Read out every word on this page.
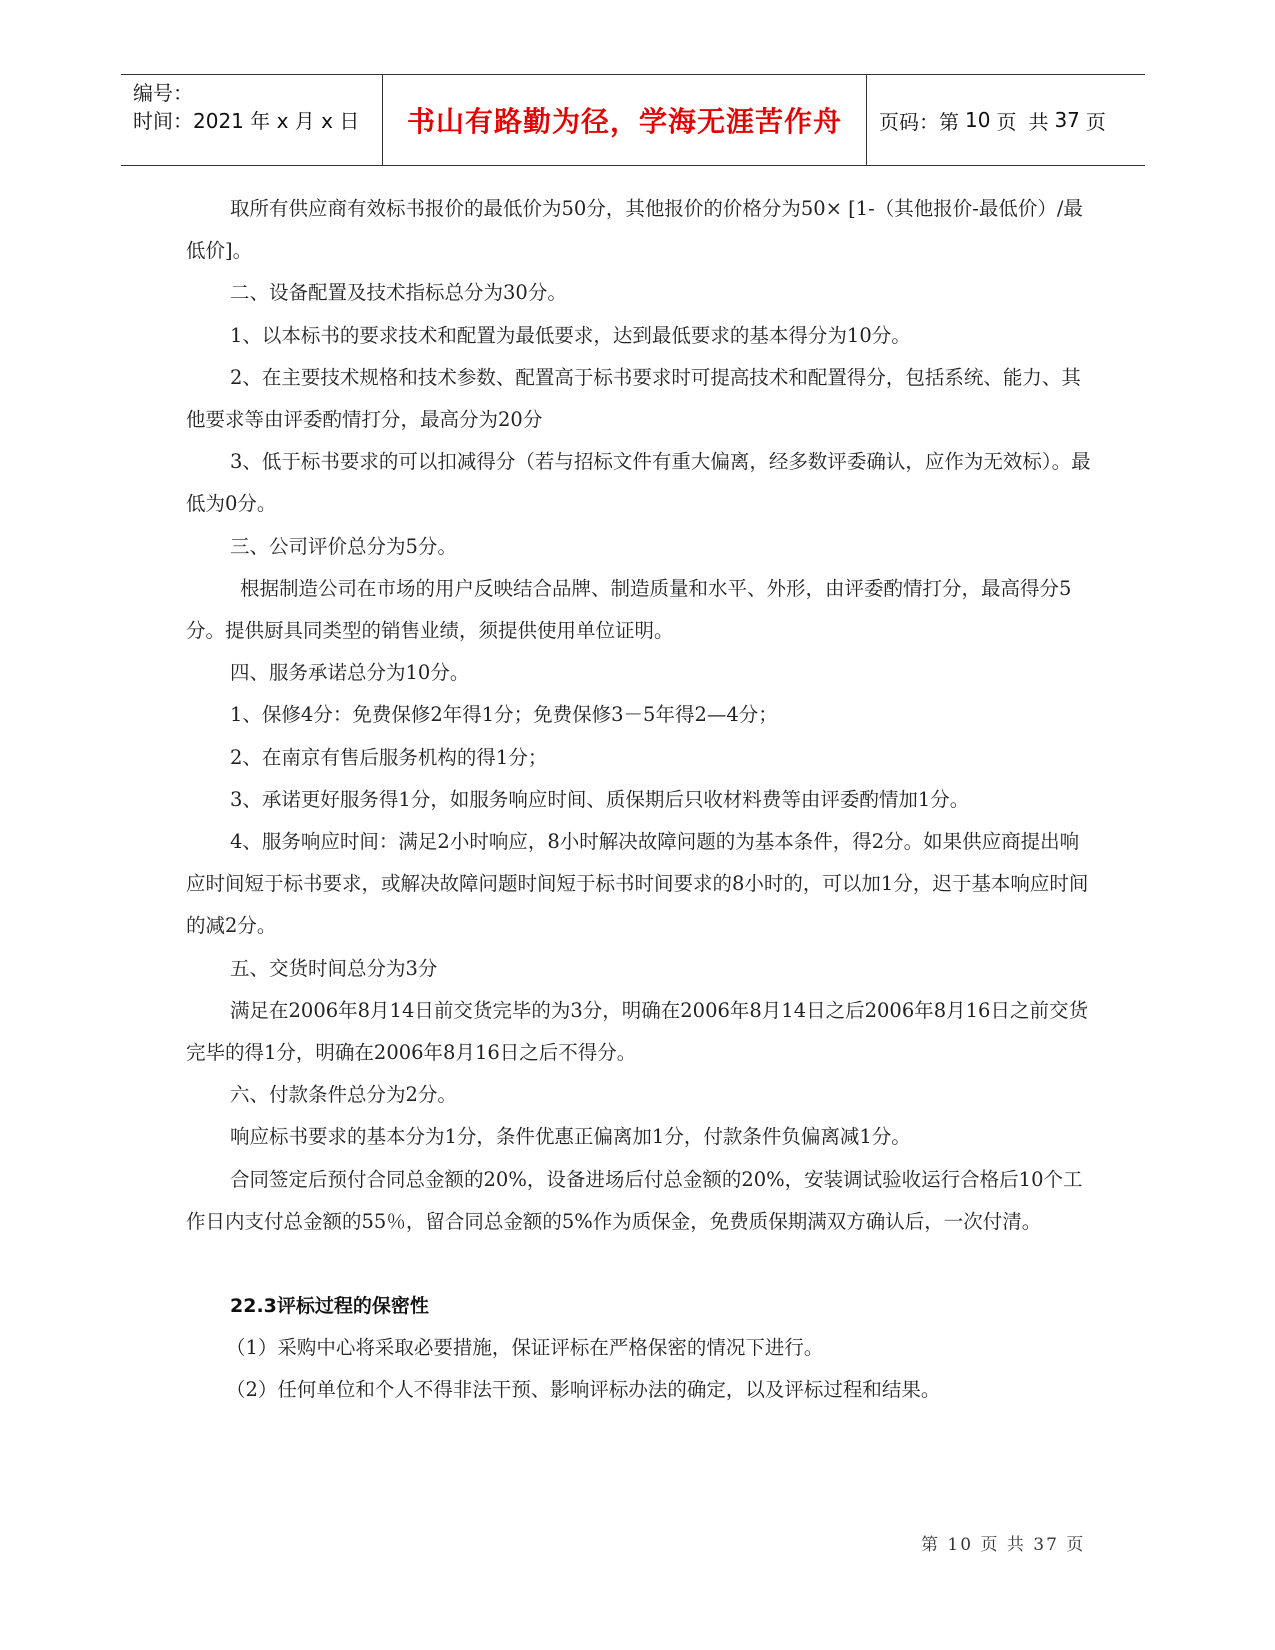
编号：
时间：2021 年 x 月 x 日	书山有路勤为径，学海无涯苦作舟	页码：第 10 页 共 37 页

取所有供应商有效标书报价的最低价为50分，其他报价的价格分为50× [1-（其他报价-最低价）/最低价]。

二、设备配置及技术指标总分为30分。

1、以本标书的要求技术和配置为最低要求，达到最低要求的基本得分为10分。

2、在主要技术规格和技术参数、配置高于标书要求时可提高技术和配置得分，包括系统、能力、其他要求等由评委酌情打分，最高分为20分

3、低于标书要求的可以扣减得分（若与招标文件有重大偏离，经多数评委确认，应作为无效标）。最低为0分。

三、公司评价总分为5分。

根据制造公司在市场的用户反映结合品牌、制造质量和水平、外形，由评委酌情打分，最高得分5分。提供厨具同类型的销售业绩，须提供使用单位证明。

四、服务承诺总分为10分。

1、保修4分：免费保修2年得1分；免费保修3－5年得2—4分；

2、在南京有售后服务机构的得1分；

3、承诺更好服务得1分，如服务响应时间、质保期后只收材料费等由评委酌情加1分。

4、服务响应时间：满足2小时响应，8小时解决故障问题的为基本条件，得2分。如果供应商提出响应时间短于标书要求，或解决故障问题时间短于标书时间要求的8小时的，可以加1分，迟于基本响应时间的减2分。

五、交货时间总分为3分

满足在2006年8月14日前交货完毕的为3分，明确在2006年8月14日之后2006年8月16日之前交货完毕的得1分，明确在2006年8月16日之后不得分。

六、付款条件总分为2分。

响应标书要求的基本分为1分，条件优惠正偏离加1分，付款条件负偏离减1分。

合同签定后预付合同总金额的20%，设备进场后付总金额的20%，安装调试验收运行合格后10个工作日内支付总金额的55％，留合同总金额的5%作为质保金，免费质保期满双方确认后，一次付清。

22.3评标过程的保密性

（1）采购中心将采取必要措施，保证评标在严格保密的情况下进行。

（2）任何单位和个人不得非法干预、影响评标办法的确定，以及评标过程和结果。

第 10 页 共 37 页
